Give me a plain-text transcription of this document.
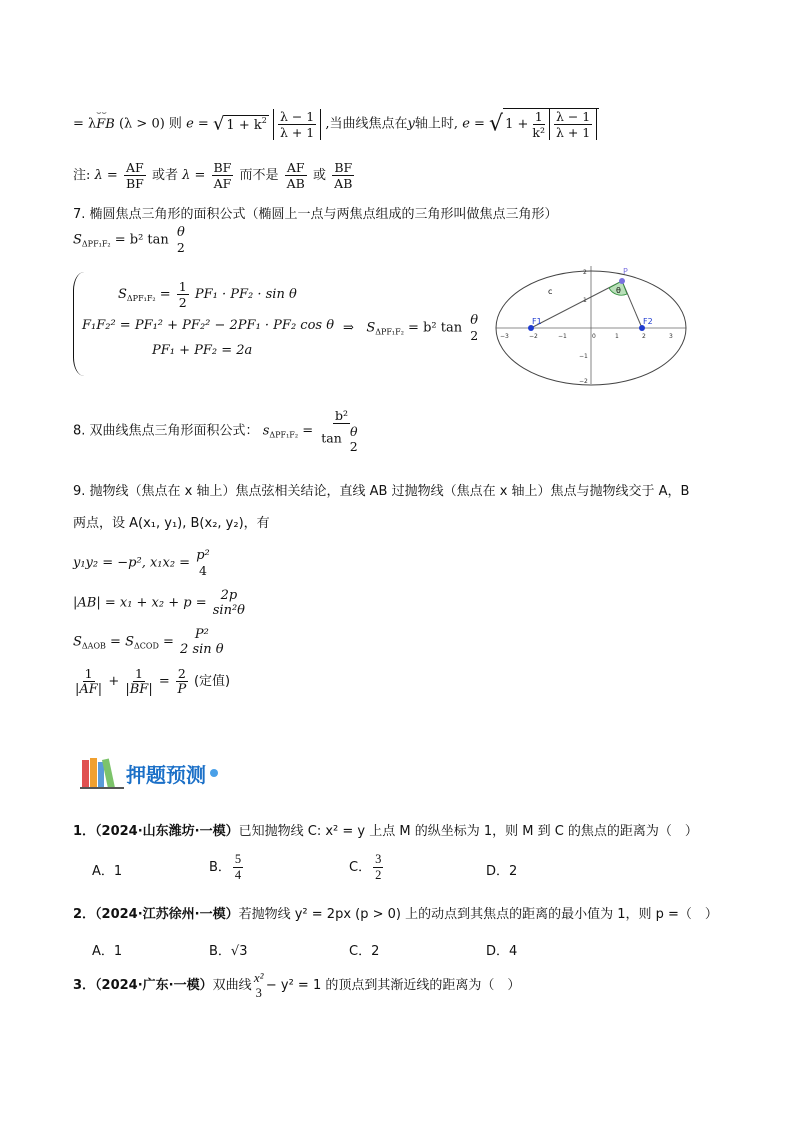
= λ
⌣⌣
FB (λ > 0) 则 e = √ $1 + k^2 \frac{\lambda - 1}{\lambda + 1}$ ,当曲线焦点在y轴上时, e = √ $1 + \frac{1}{\text{k²}} \frac{\lambda - 1}{\lambda + 1}$
注: $\lambda = \frac{AF}{BF}$ 或者 $\lambda = \frac{BF}{AF}$ 而不是 $\frac{AF}{AB}$ 或 $\frac{BF}{AB}$
7. 椭圆焦点三角形的面积公式（椭圆上一点与两焦点组成的三角形叫做焦点三角形）
$S_{\Delta PF_1F_2} = b^2$ tan θ
2
$S_{\Delta PF_1F_2} = \frac{1}{2} PF_1 \cdot PF_2 \cdot \sin \theta$
F₁F₂² = PF₁² + PF₂² − 2PF₁ · PF₂ cos θ
PF₁ + PF₂ = 2a
⇒ $S_{\Delta PF_1F_2} = b^2$ tan θ
2
P
θ
c
F1	F2
−3	−2	−1	0	1	2	3
2
1
−1
−2
8. 双曲线焦点三角形面积公式： $s_{\Delta PF_1F_2} = b^2$
tan θ
2
9. 抛物线（焦点在 x 轴上）焦点弦相关结论，直线 AB 过抛物线（焦点在 x 轴上）焦点与抛物线交于 A，B
两点，设 A(x₁, y₁), B(x₂, y₂)，有
y₁y₂ = −p², x₁x₂ = p²
4
|AB| = x₁ + x₂ + p = 2p
sin²θ
$S_{\Delta AOB} = S_{\Delta COD} = P^2$
2 sin θ
$\frac{1}{|AF|} + \frac{1}{|BF|} = \frac{2}{P}$ (定值)
押题预测
1．（2024·山东潍坊·一模）已知抛物线 C: x² = y 上点 M 的纵坐标为 1，则 M 到 C 的焦点的距离为（　）
A．1	B． $\frac{5}{4}$	C． $\frac{3}{2}$	D．2
2．（2024·江苏徐州·一模）若抛物线 y² = 2px (p > 0) 上的动点到其焦点的距离的最小值为 1，则 p =（　）
A．1	B．√3	C．2	D．4
3．（2024·广东·一模）双曲线
x²
3 − y² = 1 的顶点到其渐近线的距离为（　）
